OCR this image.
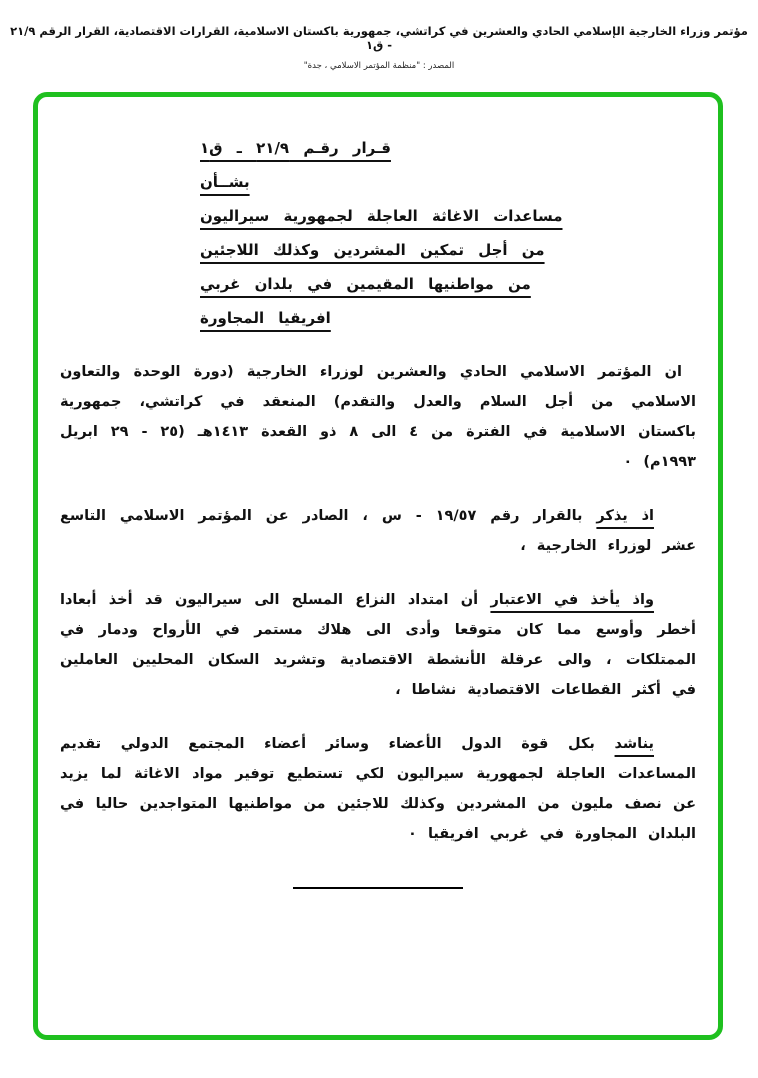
مؤتمر وزراء الخارجية الإسلامي الحادي والعشرين في كراتشي، جمهورية باكستان الاسلامية، القرارات الاقتصادية، القرار الرقم ٢١/٩ - ق١
المصدر : "منظمة المؤتمر الاسلامي ، جدة"
قـرار رقـم ٢١/٩ ـ ق١
بشــأن
مساعدات الاغاثة العاجلة لجمهورية سيراليون
من أجل تمكين المشردين وكذلك اللاجئين
من مواطنيها المقيمين في بلدان غربي
افريقيا المجاورة

ان المؤتمر الاسلامي الحادي والعشرين لوزراء الخارجية (دورة الوحدة والتعاون الاسلامي من أجل السلام والعدل والتقدم) المنعقد في كراتشي، جمهورية باكستان الاسلامية في الفترة من ٤ الى ٨ ذو القعدة ١٤١٣هـ (٢٥ - ٢٩ ابريل ١٩٩٣م) ٠

اذ يذكر بالقرار رقم ١٩/٥٧ - س ، الصادر عن المؤتمر الاسلامي التاسع عشر لوزراء الخارجية ،

واذ يأخذ في الاعتبار أن امتداد النزاع المسلح الى سيراليون قد أخذ أبعادا أخطر وأوسع مما كان متوقعا وأدى الى هلاك مستمر في الأرواح ودمار في الممتلكات ، والى عرقلة الأنشطة الاقتصادية وتشريد السكان المحليين العاملين في أكثر القطاعات الاقتصادية نشاطا ،

يناشد بكل قوة الدول الأعضاء وسائر أعضاء المجتمع الدولي تقديم المساعدات العاجلة لجمهورية سيراليون لكي تستطيع توفير مواد الاغاثة لما يزيد عن نصف مليون من المشردين وكذلك للاجئين من مواطنيها المتواجدين حاليا في البلدان المجاورة في غربي افريقيا ٠
